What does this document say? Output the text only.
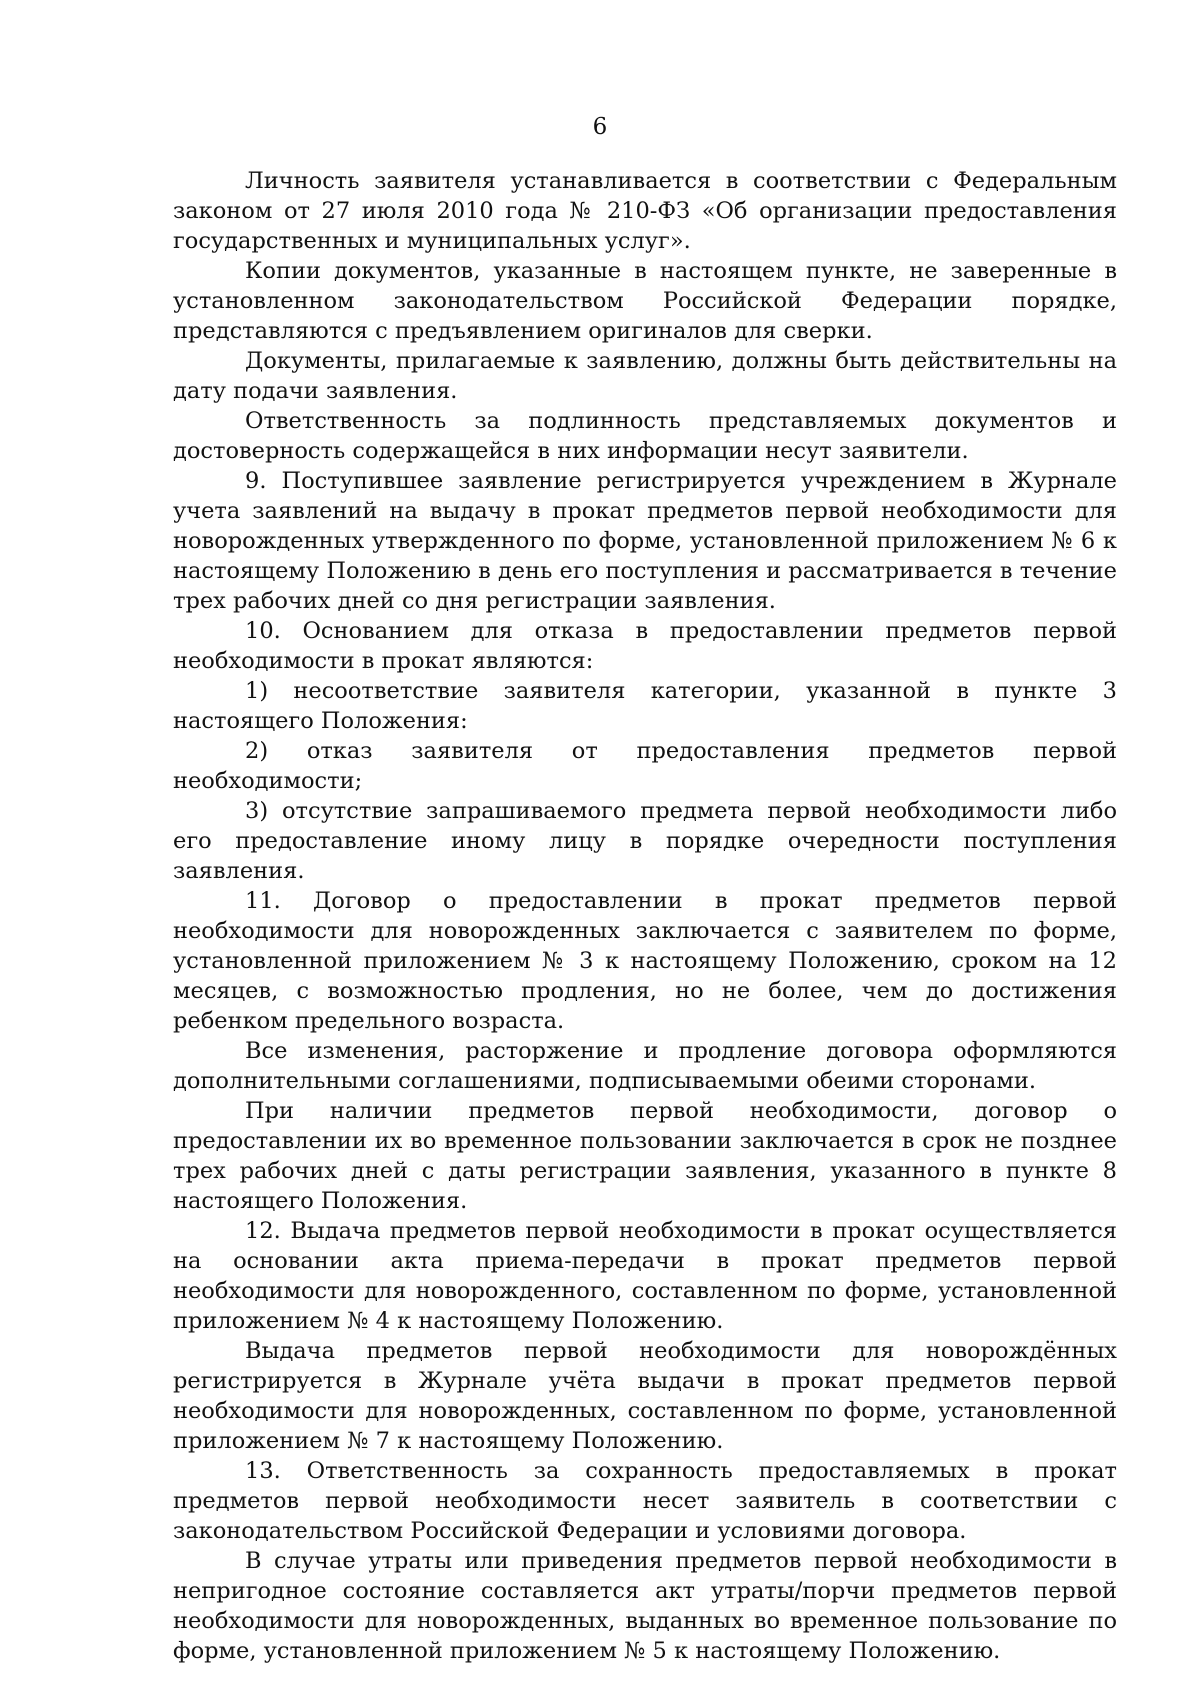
6

Личность заявителя устанавливается в соответствии с Федеральным законом от 27 июля 2010 года № 210-ФЗ «Об организации предоставления государственных и муниципальных услуг».

Копии документов, указанные в настоящем пункте, не заверенные в установленном законодательством Российской Федерации порядке, представляются с предъявлением оригиналов для сверки.

Документы, прилагаемые к заявлению, должны быть действительны на дату подачи заявления.

Ответственность за подлинность представляемых документов и достоверность содержащейся в них информации несут заявители.

9. Поступившее заявление регистрируется учреждением в Журнале учета заявлений на выдачу в прокат предметов первой необходимости для новорожденных утвержденного по форме, установленной приложением № 6 к настоящему Положению в день его поступления и рассматривается в течение трех рабочих дней со дня регистрации заявления.

10. Основанием для отказа в предоставлении предметов первой необходимости в прокат являются:

1) несоответствие заявителя категории, указанной в пункте 3 настоящего Положения:

2) отказ заявителя от предоставления предметов первой необходимости;

3) отсутствие запрашиваемого предмета первой необходимости либо его предоставление иному лицу в порядке очередности поступления заявления.

11. Договор о предоставлении в прокат предметов первой необходимости для новорожденных заключается с заявителем по форме, установленной приложением № 3 к настоящему Положению, сроком на 12 месяцев, с возможностью продления, но не более, чем до достижения ребенком предельного возраста.

Все изменения, расторжение и продление договора оформляются дополнительными соглашениями, подписываемыми обеими сторонами.

При наличии предметов первой необходимости, договор о предоставлении их во временное пользовании заключается в срок не позднее трех рабочих дней с даты регистрации заявления, указанного в пункте 8 настоящего Положения.

12. Выдача предметов первой необходимости в прокат осуществляется на основании акта приема-передачи в прокат предметов первой необходимости для новорожденного, составленном по форме, установленной приложением № 4 к настоящему Положению.

Выдача предметов первой необходимости для новорождённых регистрируется в Журнале учёта выдачи в прокат предметов первой необходимости для новорожденных, составленном по форме, установленной приложением № 7 к настоящему Положению.

13. Ответственность за сохранность предоставляемых в прокат предметов первой необходимости несет заявитель в соответствии с законодательством Российской Федерации и условиями договора.

В случае утраты или приведения предметов первой необходимости в непригодное состояние составляется акт утраты/порчи предметов первой необходимости для новорожденных, выданных во временное пользование по форме, установленной приложением № 5 к настоящему Положению.
